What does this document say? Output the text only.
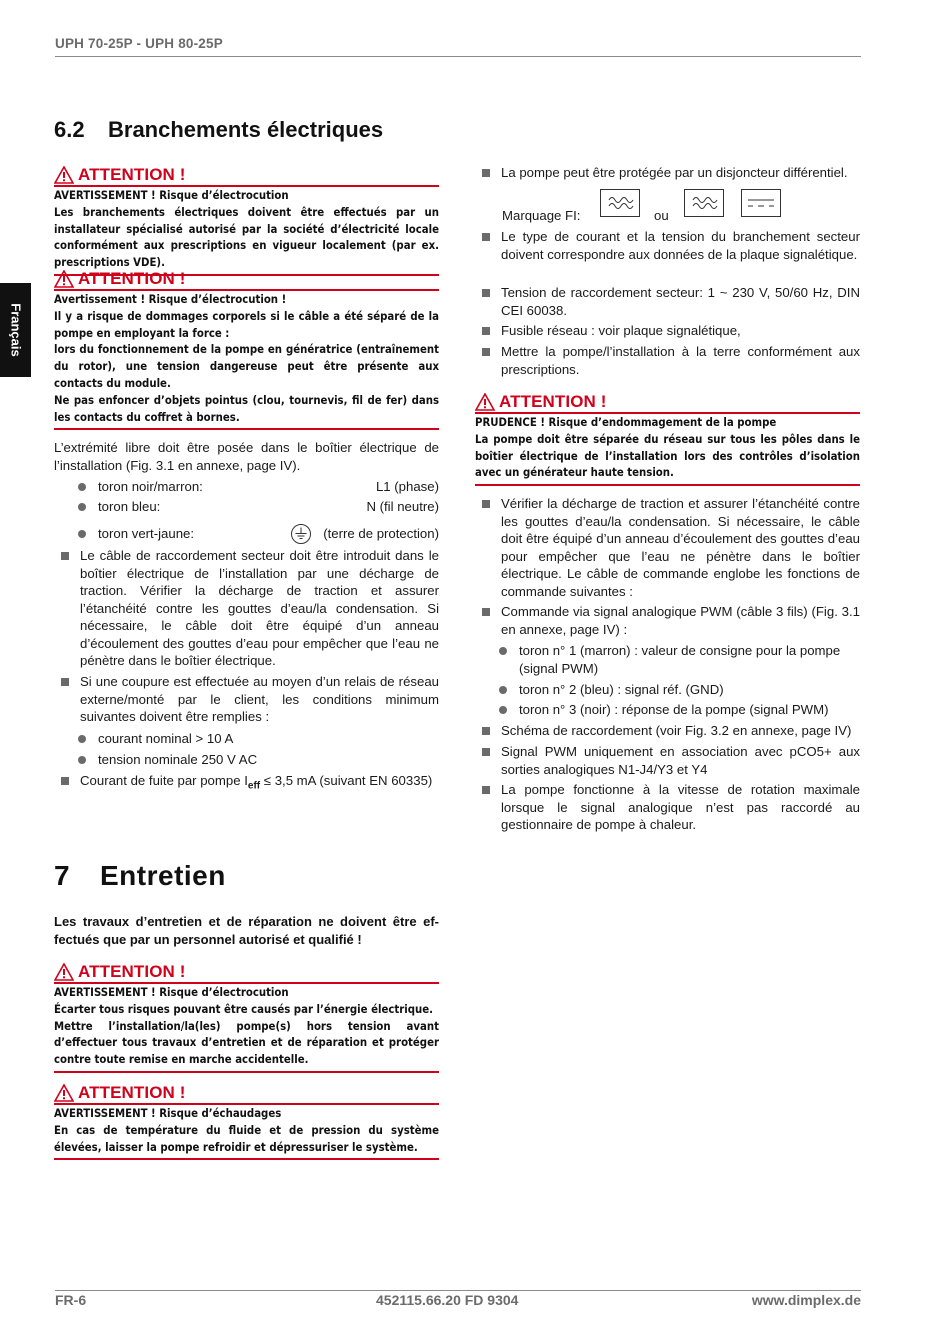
UPH 70-25P - UPH 80-25P
Français
6.2 Branchements électriques
ATTENTION !

AVERTISSEMENT ! Risque d’électrocution

Les branchements électriques doivent être effectués par un installateur spécialisé autorisé par la société d’électricité locale conformément aux prescriptions en vigueur localement (par ex. prescriptions VDE).

ATTENTION !

Avertissement ! Risque d’électrocution !

Il y a risque de dommages corporels si le câble a été séparé de la pompe en employant la force :

lors du fonctionnement de la pompe en génératrice (entraînement du rotor), une tension dangereuse peut être présente aux contacts du module.

Ne pas enfoncer d’objets pointus (clou, tournevis, fil de fer) dans les contacts du coffret à bornes.

L’extrémité libre doit être posée dans le boîtier électrique de l’installation (Fig. 3.1 en annexe, page IV).
toron noir/marron:	L1 (phase)
toron bleu:	N (fil neutre)
toron vert-jaune:	(terre de protection)
Le câble de raccordement secteur doit être introduit dans le boîtier électrique de l’installation par une décharge de traction. Vérifier la décharge de traction et assurer l’étanchéité contre les gouttes d’eau/la condensation. Si nécessaire, le câble doit être équipé d’un anneau d’écoulement des gouttes d’eau pour empêcher que l’eau ne pénètre dans le boîtier électrique.
Si une coupure est effectuée au moyen d’un relais de réseau externe/monté par le client, les conditions minimum suivantes doivent être remplies :
courant nominal > 10 A
tension nominale 250 V AC
Courant de fuite par pompe $I_{eff} \le 3,5$ mA (suivant EN 60335)
La pompe peut être protégée par un disjoncteur différentiel.
Marquage FI:	ou
Le type de courant et la tension du branchement secteur doivent correspondre aux données de la plaque signalétique.
Tension de raccordement secteur: 1 ~ 230 V, 50/60 Hz, DIN CEI 60038.
Fusible réseau : voir plaque signalétique,
Mettre la pompe/l’installation à la terre conformément aux prescriptions.
ATTENTION !

PRUDENCE ! Risque d’endommagement de la pompe

La pompe doit être séparée du réseau sur tous les pôles dans le boîtier électrique de l’installation lors des contrôles d’isolation avec un générateur haute tension.

Vérifier la décharge de traction et assurer l’étanchéité contre les gouttes d’eau/la condensation. Si nécessaire, le câble doit être équipé d’un anneau d’écoulement des gouttes d’eau pour empêcher que l’eau ne pénètre dans le boîtier électrique. Le câble de commande englobe les fonctions de commande suivantes :
Commande via signal analogique PWM (câble 3 fils) (Fig. 3.1 en annexe, page IV) :
toron n° 1 (marron) : valeur de consigne pour la pompe (signal PWM)
toron n° 2 (bleu) : signal réf. (GND)
toron n° 3 (noir) : réponse de la pompe (signal PWM)
Schéma de raccordement (voir Fig. 3.2 en annexe, page IV)
Signal PWM uniquement en association avec pCO5+ aux sorties analogiques N1-J4/Y3 et Y4
La pompe fonctionne à la vitesse de rotation maximale lorsque le signal analogique n’est pas raccordé au gestionnaire de pompe à chaleur.
7 Entretien
Les travaux d’entretien et de réparation ne doivent être ef-fectués que par un personnel autorisé et qualifié !
ATTENTION !

AVERTISSEMENT ! Risque d’électrocution

Écarter tous risques pouvant être causés par l’énergie électrique.

Mettre l’installation/la(les) pompe(s) hors tension avant d’effectuer tous travaux d’entretien et de réparation et protéger contre toute remise en marche accidentelle.

ATTENTION !

AVERTISSEMENT ! Risque d’échaudages

En cas de température du fluide et de pression du système élevées, laisser la pompe refroidir et dépressuriser le système.

FR-6	452115.66.20 FD 9304	www.dimplex.de
